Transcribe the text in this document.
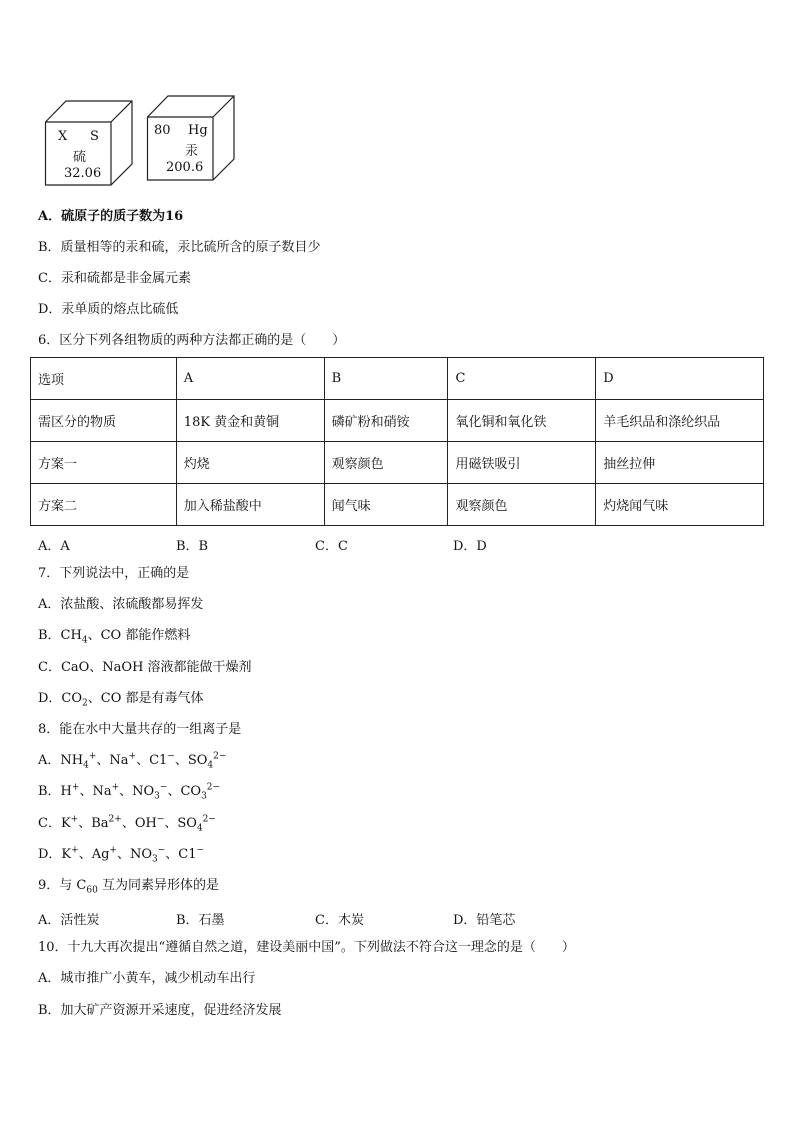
X S
硫
32.06
80 Hg
汞
200.6
A．硫原子的质子数为16
B．质量相等的汞和硫，汞比硫所含的原子数目少
C．汞和硫都是非金属元素
D．汞单质的熔点比硫低
6．区分下列各组物质的两种方法都正确的是（　　）
选项	A	B	C	D
需区分的物质	18K 黄金和黄铜	磷矿粉和硝铵	氧化铜和氧化铁	羊毛织品和涤纶织品
方案一	灼烧	观察颜色	用磁铁吸引	抽丝拉伸
方案二	加入稀盐酸中	闻气味	观察颜色	灼烧闻气味
A．A	B．B	C．C	D．D
7．下列说法中，正确的是
A．浓盐酸、浓硫酸都易挥发
B．$CH_4$、CO 都能作燃料
C．CaO、NaOH 溶液都能做干燥剂
D．$CO_2$、CO 都是有毒气体
8．能在水中大量共存的一组离子是
A．$NH_4^+$、Na+、C1−、$SO_4^{2-}$
B．H+、Na+、$NO_3^-$、$CO_3^{2-}$
C．K+、$Ba^{2+}$、OH−、$SO_4^{2-}$
D．K+、Ag+、$NO_3^-$、C1−
9．与 $C_{60}$ 互为同素异形体的是
A．活性炭	B．石墨	C．木炭	D．铅笔芯
10．十九大再次提出“遵循自然之道，建设美丽中国”。下列做法不符合这一理念的是（　　）
A．城市推广小黄车，减少机动车出行
B．加大矿产资源开采速度，促进经济发展
